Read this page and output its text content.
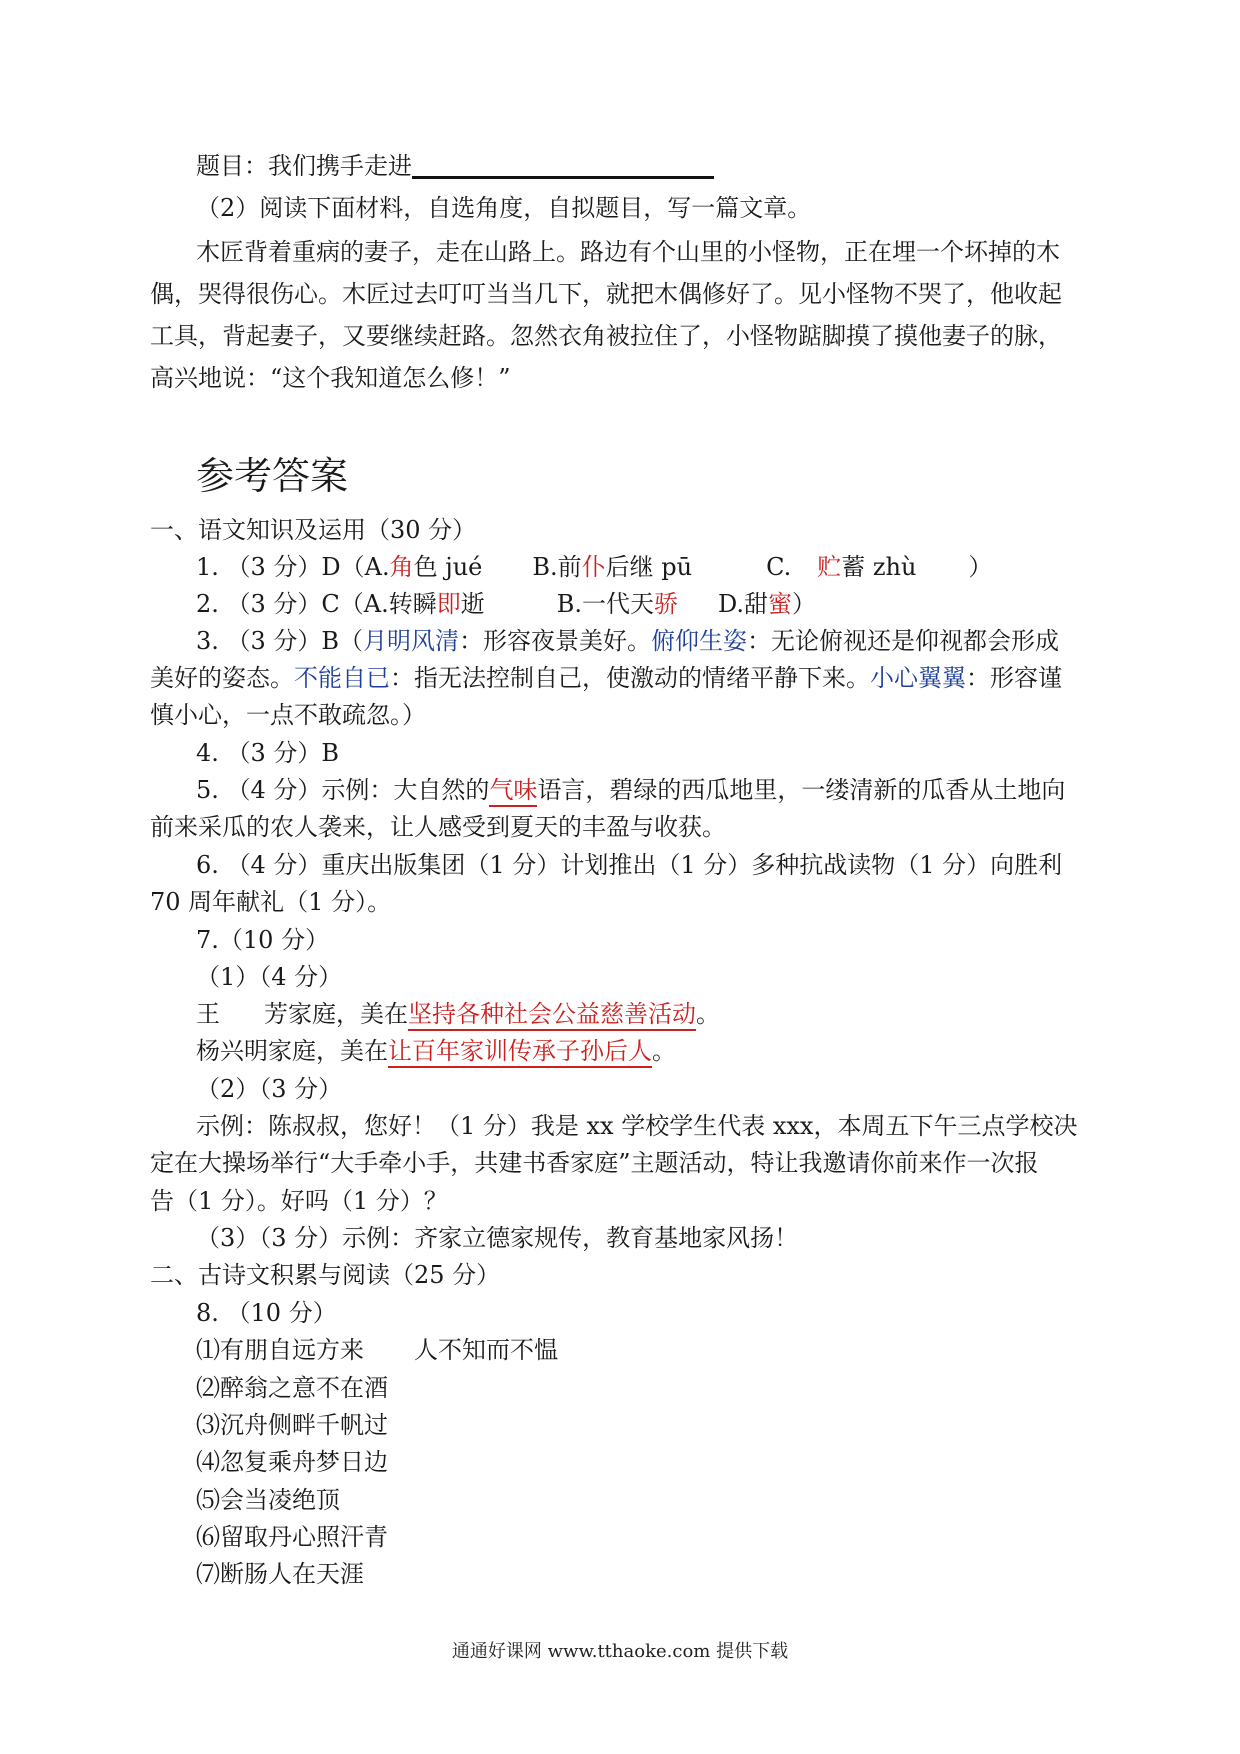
题目：我们携手走进
（2）阅读下面材料，自选角度，自拟题目，写一篇文章。
木匠背着重病的妻子，走在山路上。路边有个山里的小怪物，正在埋一个坏掉的木
偶，哭得很伤心。木匠过去叮叮当当几下，就把木偶修好了。见小怪物不哭了，他收起
工具，背起妻子，又要继续赶路。忽然衣角被拉住了，小怪物踮脚摸了摸他妻子的脉，
高兴地说：“这个我知道怎么修！”
参考答案
一、语文知识及运用（30 分）
1. （3 分）D（A.角色 jué B.前仆后继 pū	C. 贮蓄 zhù ）
2. （3 分）C（A.转瞬即逝	B.一代天骄 D.甜蜜）
3. （3 分）B（月明风清：形容夜景美好。俯仰生姿：无论俯视还是仰视都会形成
美好的姿态。不能自已：指无法控制自己，使激动的情绪平静下来。小心翼翼：形容谨
慎小心，一点不敢疏忽。）
4. （3 分）B
5. （4 分）示例：大自然的气味语言，碧绿的西瓜地里，一缕清新的瓜香从土地向
前来采瓜的农人袭来，让人感受到夏天的丰盈与收获。
6. （4 分）重庆出版集团（1 分）计划推出（1 分）多种抗战读物（1 分）向胜利
70 周年献礼（1 分）。
7.（10 分）
（1）（4 分）
王 芳家庭，美在坚持各种社会公益慈善活动。
杨兴明家庭，美在让百年家训传承子孙后人。
（2）（3 分）
示例：陈叔叔，您好！（1 分）我是 xx 学校学生代表 xxx，本周五下午三点学校决
定在大操场举行“大手牵小手，共建书香家庭”主题活动，特让我邀请你前来作一次报
告（1 分）。好吗（1 分）？
（3）（3 分）示例：齐家立德家规传，教育基地家风扬！
二、古诗文积累与阅读（25 分）
8. （10 分）
⑴有朋自远方来 人不知而不愠
⑵醉翁之意不在酒
⑶沉舟侧畔千帆过
⑷忽复乘舟梦日边
⑸会当凌绝顶
⑹留取丹心照汗青
⑺断肠人在天涯
通通好课网 www.tthaoke.com 提供下载
